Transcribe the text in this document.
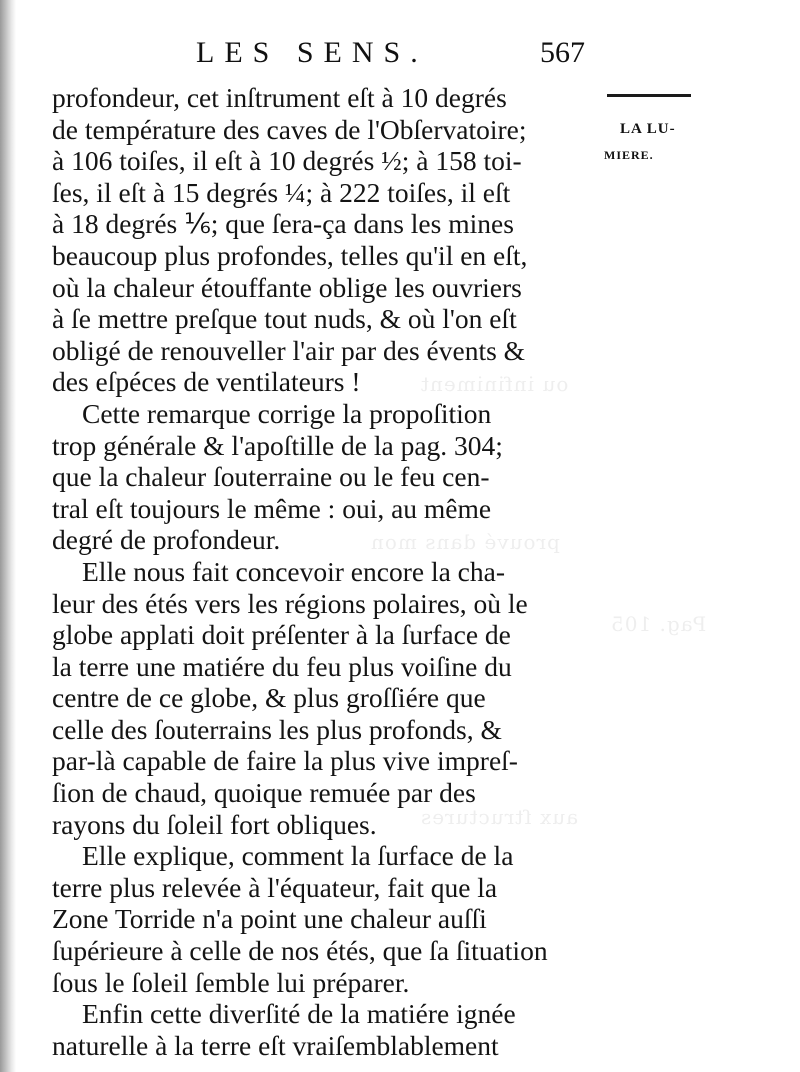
ou infiniment
prouvé dans mon
Pag. 105
aux ſtructures
LES SENS.	567
LA LU-
MIERE.
profondeur, cet inſtrument eſt à 10 degrés
de température des caves de l'Obſervatoire;
à 106 toiſes, il eſt à 10 degrés ½; à 158 toi-
ſes, il eſt à 15 degrés ¼; à 222 toiſes, il eſt
à 18 degrés ⅙; que ſera-ça dans les mines
beaucoup plus profondes, telles qu'il en eſt,
où la chaleur étouffante oblige les ouvriers
à ſe mettre preſque tout nuds, & où l'on eſt
obligé de renouveller l'air par des évents &
des eſpéces de ventilateurs !
Cette remarque corrige la propoſition
trop générale & l'apoſtille de la pag. 304;
que la chaleur ſouterraine ou le feu cen-
tral eſt toujours le même : oui, au même
degré de profondeur.
Elle nous fait concevoir encore la cha-
leur des étés vers les régions polaires, où le
globe applati doit préſenter à la ſurface de
la terre une matiére du feu plus voiſine du
centre de ce globe, & plus groſſiére que
celle des ſouterrains les plus profonds, &
par-là capable de faire la plus vive impreſ-
ſion de chaud, quoique remuée par des
rayons du ſoleil fort obliques.
Elle explique, comment la ſurface de la
terre plus relevée à l'équateur, fait que la
Zone Torride n'a point une chaleur auſſi
ſupérieure à celle de nos étés, que ſa ſituation
ſous le ſoleil ſemble lui préparer.
Enfin cette diverſité de la matiére ignée
naturelle à la terre eſt vraiſemblablement
